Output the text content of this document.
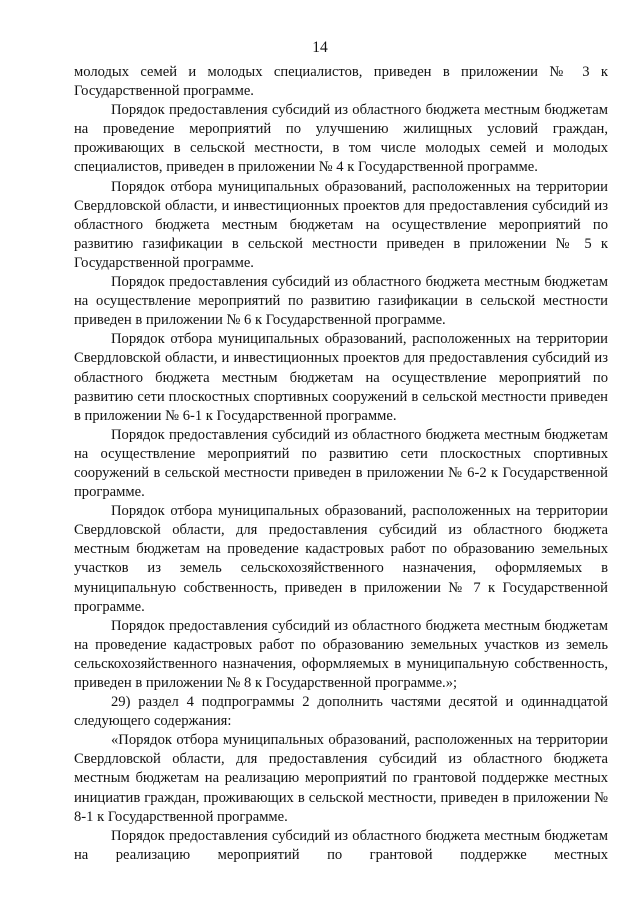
14

молодых семей и молодых специалистов, приведен в приложении № 3 к Государственной программе.

Порядок предоставления субсидий из областного бюджета местным бюджетам на проведение мероприятий по улучшению жилищных условий граждан, проживающих в сельской местности, в том числе молодых семей и молодых специалистов, приведен в приложении № 4 к Государственной программе.

Порядок отбора муниципальных образований, расположенных на территории Свердловской области, и инвестиционных проектов для предоставления субсидий из областного бюджета местным бюджетам на осуществление мероприятий по развитию газификации в сельской местности приведен в приложении № 5 к Государственной программе.

Порядок предоставления субсидий из областного бюджета местным бюджетам на осуществление мероприятий по развитию газификации в сельской местности приведен в приложении № 6 к Государственной программе.

Порядок отбора муниципальных образований, расположенных на территории Свердловской области, и инвестиционных проектов для предоставления субсидий из областного бюджета местным бюджетам на осуществление мероприятий по развитию сети плоскостных спортивных сооружений в сельской местности приведен в приложении № 6-1 к Государственной программе.

Порядок предоставления субсидий из областного бюджета местным бюджетам на осуществление мероприятий по развитию сети плоскостных спортивных сооружений в сельской местности приведен в приложении № 6-2 к Государственной программе.

Порядок отбора муниципальных образований, расположенных на территории Свердловской области, для предоставления субсидий из областного бюджета местным бюджетам на проведение кадастровых работ по образованию земельных участков из земель сельскохозяйственного назначения, оформляемых в муниципальную собственность, приведен в приложении № 7 к Государственной программе.

Порядок предоставления субсидий из областного бюджета местным бюджетам на проведение кадастровых работ по образованию земельных участков из земель сельскохозяйственного назначения, оформляемых в муниципальную собственность, приведен в приложении № 8 к Государственной программе.»;

29) раздел 4 подпрограммы 2 дополнить частями десятой и одиннадцатой следующего содержания:

«Порядок отбора муниципальных образований, расположенных на территории Свердловской области, для предоставления субсидий из областного бюджета местным бюджетам на реализацию мероприятий по грантовой поддержке местных инициатив граждан, проживающих в сельской местности, приведен в приложении № 8-1 к Государственной программе.

Порядок предоставления субсидий из областного бюджета местным бюджетам на реализацию мероприятий по грантовой поддержке местных
